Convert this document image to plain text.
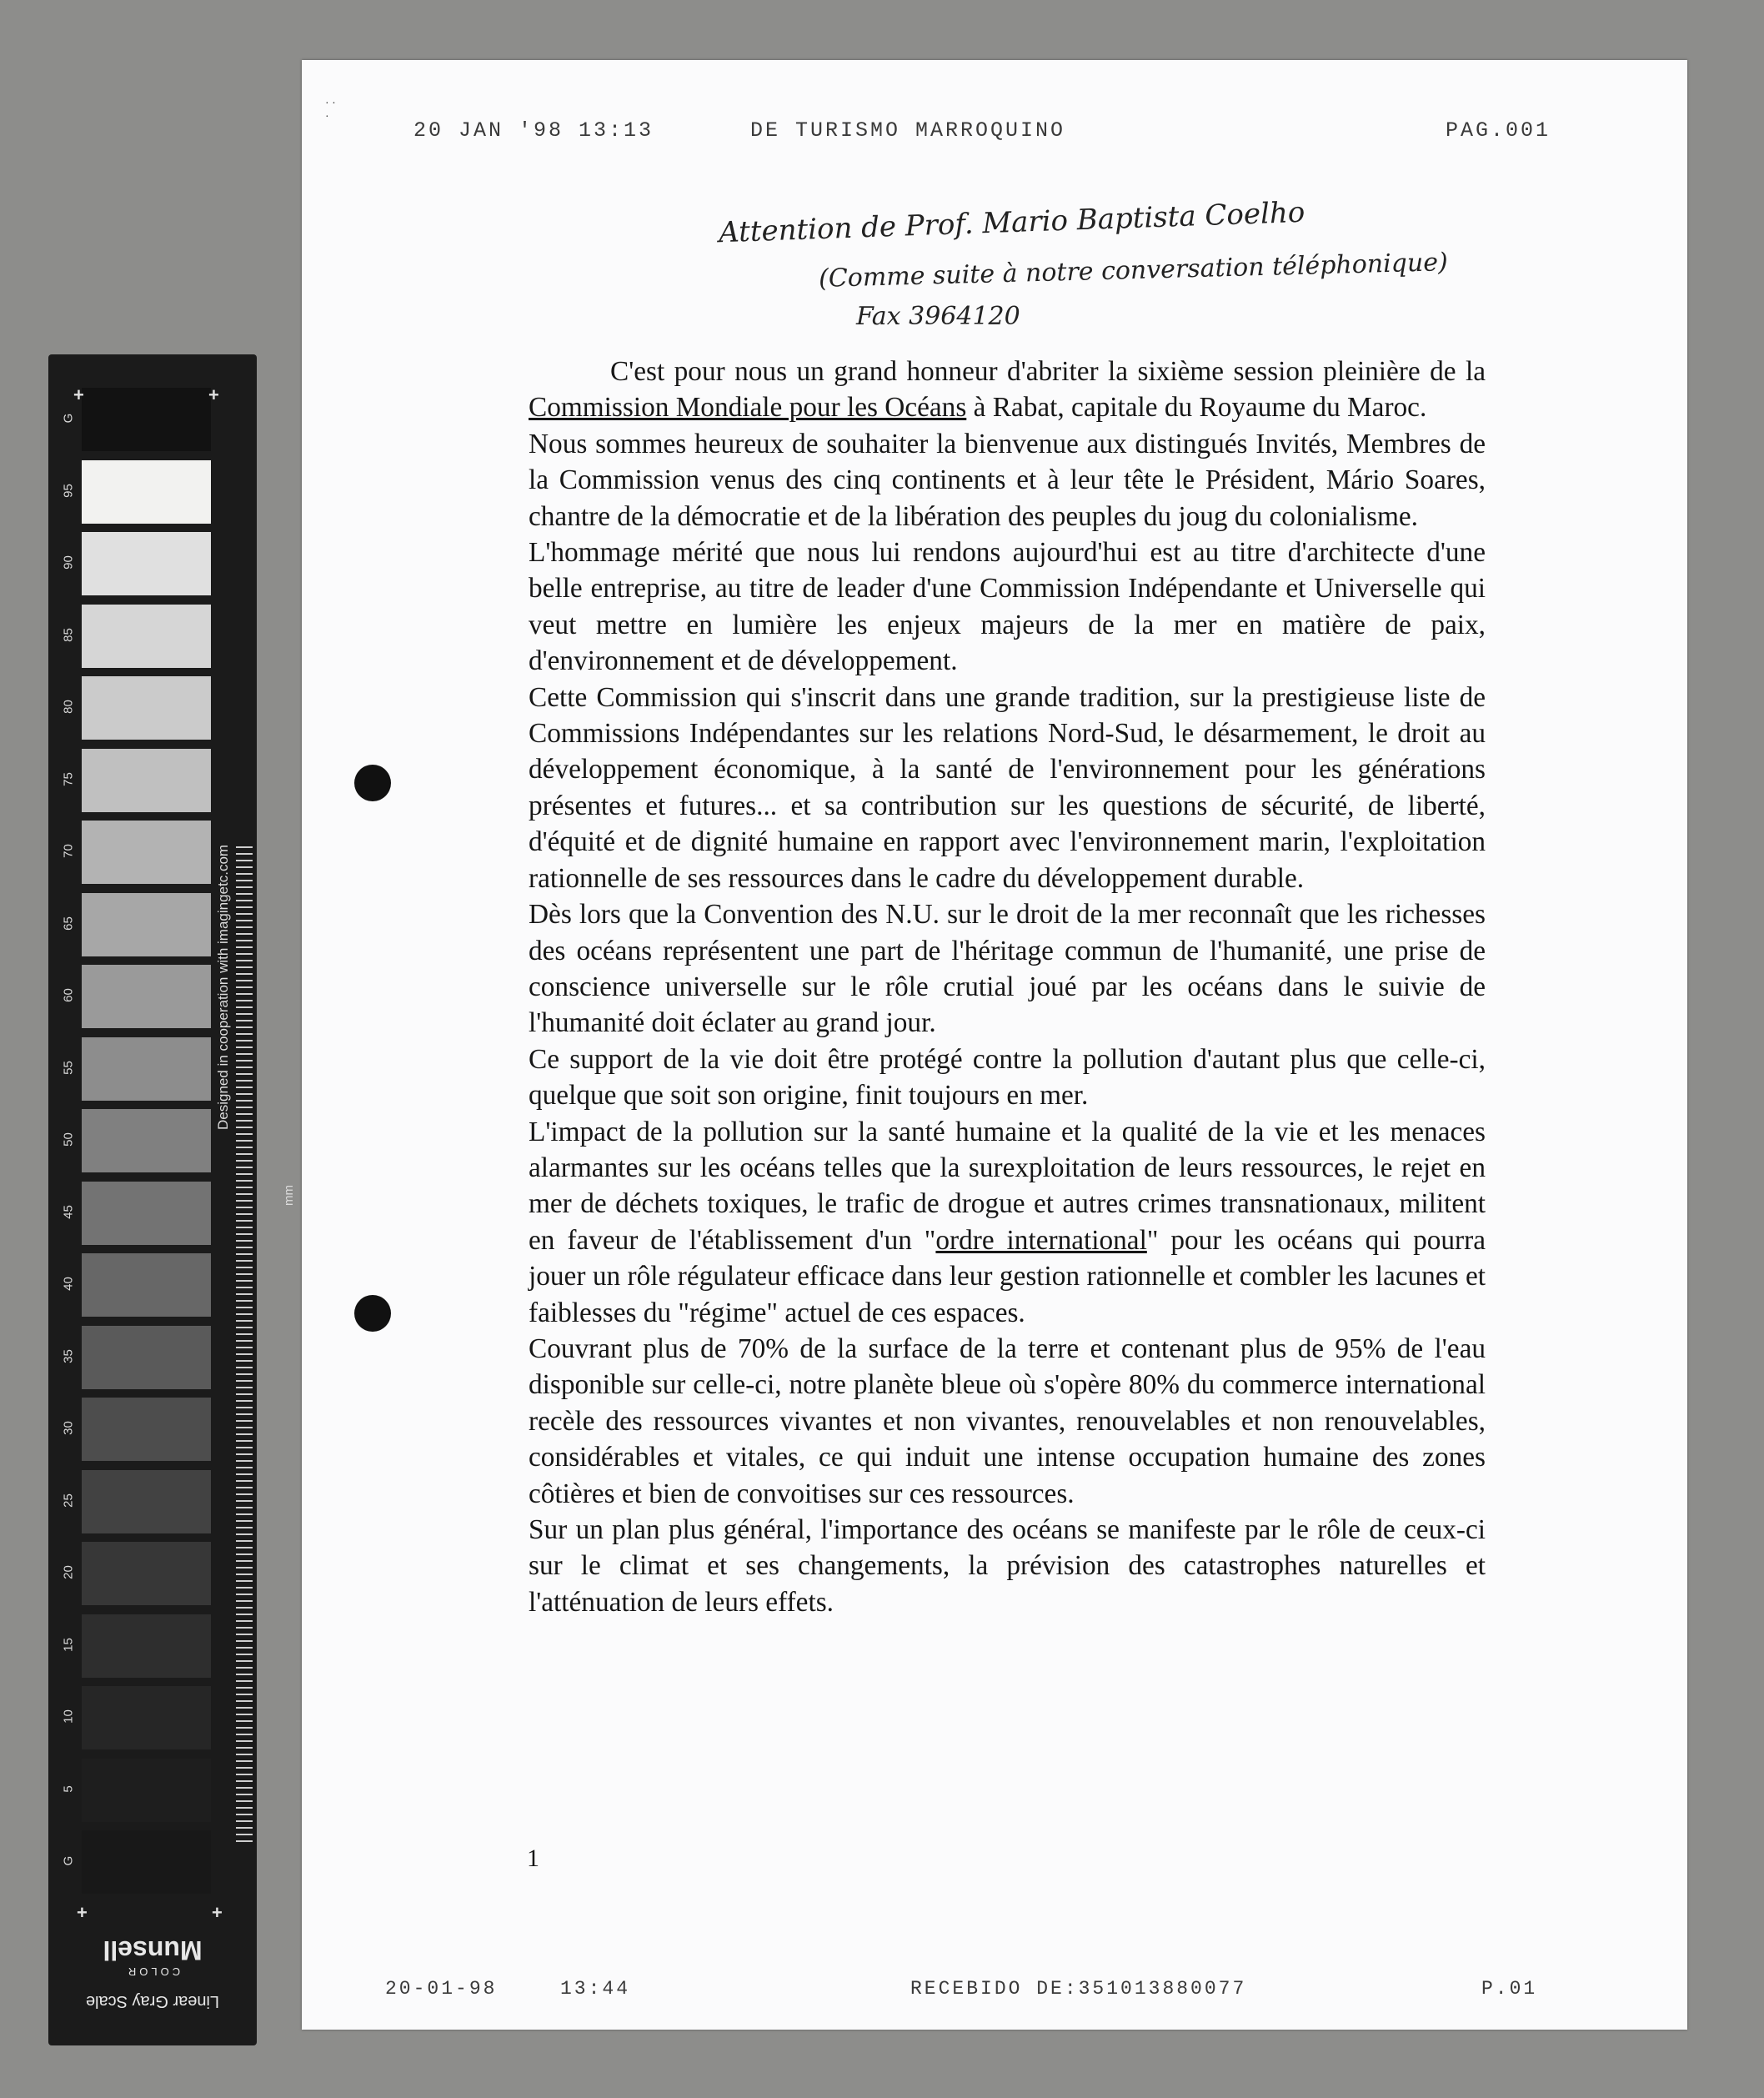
G
95
90
85
80
75
70
65
60
55
50
45
40
35
30
25
20
15
10
5
G
+	+
+	+
Designed in cooperation with imagingetc.com
mm
Linear Gray Scale
COLOR
Munsell
· ·
·
20 JAN '98 13:13	DE TURISMO MARROQUINO	PAG.001
Attention de Prof. Mario Baptista Coelho
(Comme suite à notre conversation téléphonique)
Fax 3964120

C'est pour nous un grand honneur d'abriter la sixième session pleinière de la Commission Mondiale pour les Océans à Rabat, capitale du Royaume du Maroc.

Nous sommes heureux de souhaiter la bienvenue aux distingués Invités, Membres de la Commission venus des cinq continents et à leur tête le Président, Mário Soares, chantre de la démocratie et de la libération des peuples du joug du colonialisme.

L'hommage mérité que nous lui rendons aujourd'hui est au titre d'architecte d'une belle entreprise, au titre de leader d'une Commission Indépendante et Universelle qui veut mettre en lumière les enjeux majeurs de la mer en matière de paix, d'environnement et de développement.

Cette Commission qui s'inscrit dans une grande tradition, sur la prestigieuse liste de Commissions Indépendantes sur les relations Nord-Sud, le désarmement, le droit au développement économique, à la santé de l'environnement pour les générations présentes et futures... et sa contribution sur les questions de sécurité, de liberté, d'équité et de dignité humaine en rapport avec l'environnement marin, l'exploitation rationnelle de ses ressources dans le cadre du développement durable.

Dès lors que la Convention des N.U. sur le droit de la mer reconnaît que les richesses des océans représentent une part de l'héritage commun de l'humanité, une prise de conscience universelle sur le rôle crutial joué par les océans dans le suivie de l'humanité doit éclater au grand jour.

Ce support de la vie doit être protégé contre la pollution d'autant plus que celle-ci, quelque que soit son origine, finit toujours en mer.

L'impact de la pollution sur la santé humaine et la qualité de la vie et les menaces alarmantes sur les océans telles que la surexploitation de leurs ressources, le rejet en mer de déchets toxiques, le trafic de drogue et autres crimes transnationaux, militent en faveur de l'établissement d'un "ordre international" pour les océans qui pourra jouer un rôle régulateur efficace dans leur gestion rationnelle et combler les lacunes et faiblesses du "régime" actuel de ces espaces.

Couvrant plus de 70% de la surface de la terre et contenant plus de 95% de l'eau disponible sur celle-ci, notre planète bleue où s'opère 80% du commerce international recèle des ressources vivantes et non vivantes, renouvelables et non renouvelables, considérables et vitales, ce qui induit une intense occupation humaine des zones côtières et bien de convoitises sur ces ressources.

Sur un plan plus général, l'importance des océans se manifeste par le rôle de ceux-ci sur le climat et ses changements, la prévision des catastrophes naturelles et l'atténuation de leurs effets.

1
20-01-98	13:44	RECEBIDO DE:351013880077	P.01
